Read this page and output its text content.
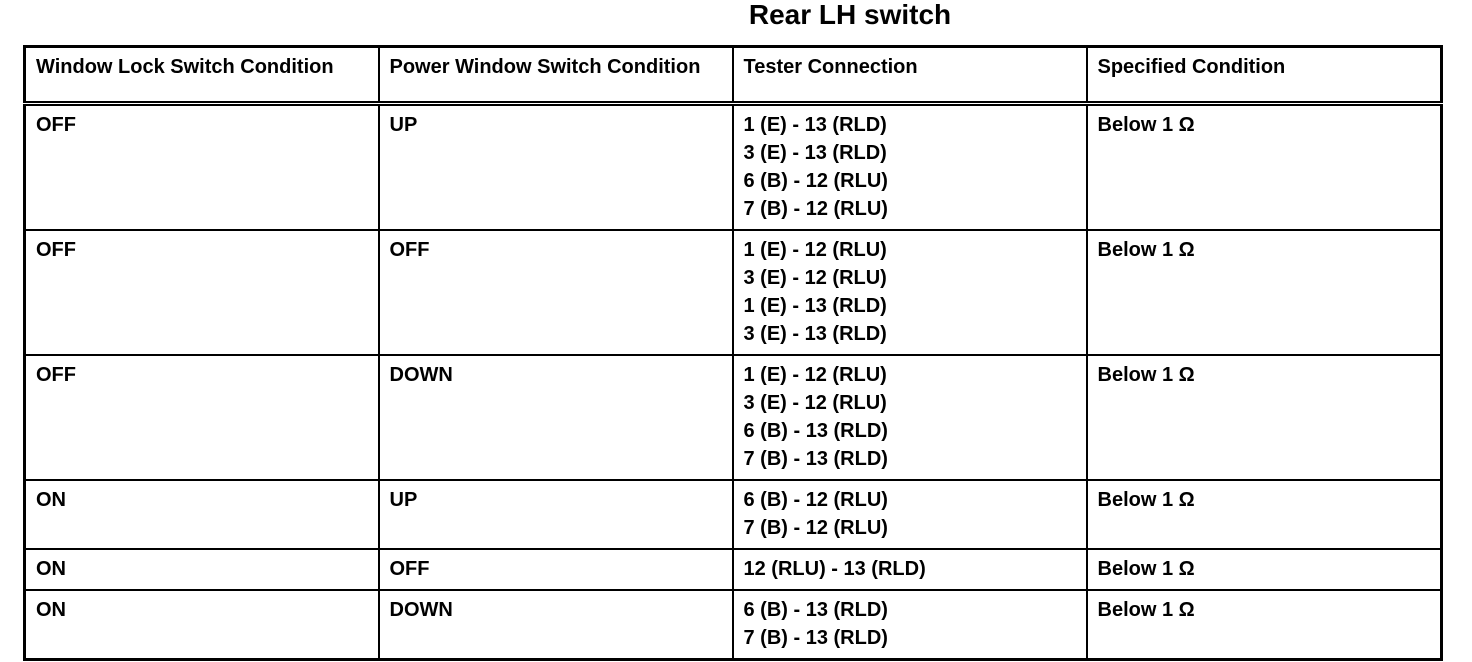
Rear LH switch
Window Lock Switch Condition	Power Window Switch Condition	Tester Connection	Specified Condition
OFF	UP	1 (E) - 13 (RLD)
3 (E) - 13 (RLD)
6 (B) - 12 (RLU)
7 (B) - 12 (RLU)	Below 1 Ω
OFF	OFF	1 (E) - 12 (RLU)
3 (E) - 12 (RLU)
1 (E) - 13 (RLD)
3 (E) - 13 (RLD)	Below 1 Ω
OFF	DOWN	1 (E) - 12 (RLU)
3 (E) - 12 (RLU)
6 (B) - 13 (RLD)
7 (B) - 13 (RLD)	Below 1 Ω
ON	UP	6 (B) - 12 (RLU)
7 (B) - 12 (RLU)	Below 1 Ω
ON	OFF	12 (RLU) - 13 (RLD)	Below 1 Ω
ON	DOWN	6 (B) - 13 (RLD)
7 (B) - 13 (RLD)	Below 1 Ω
